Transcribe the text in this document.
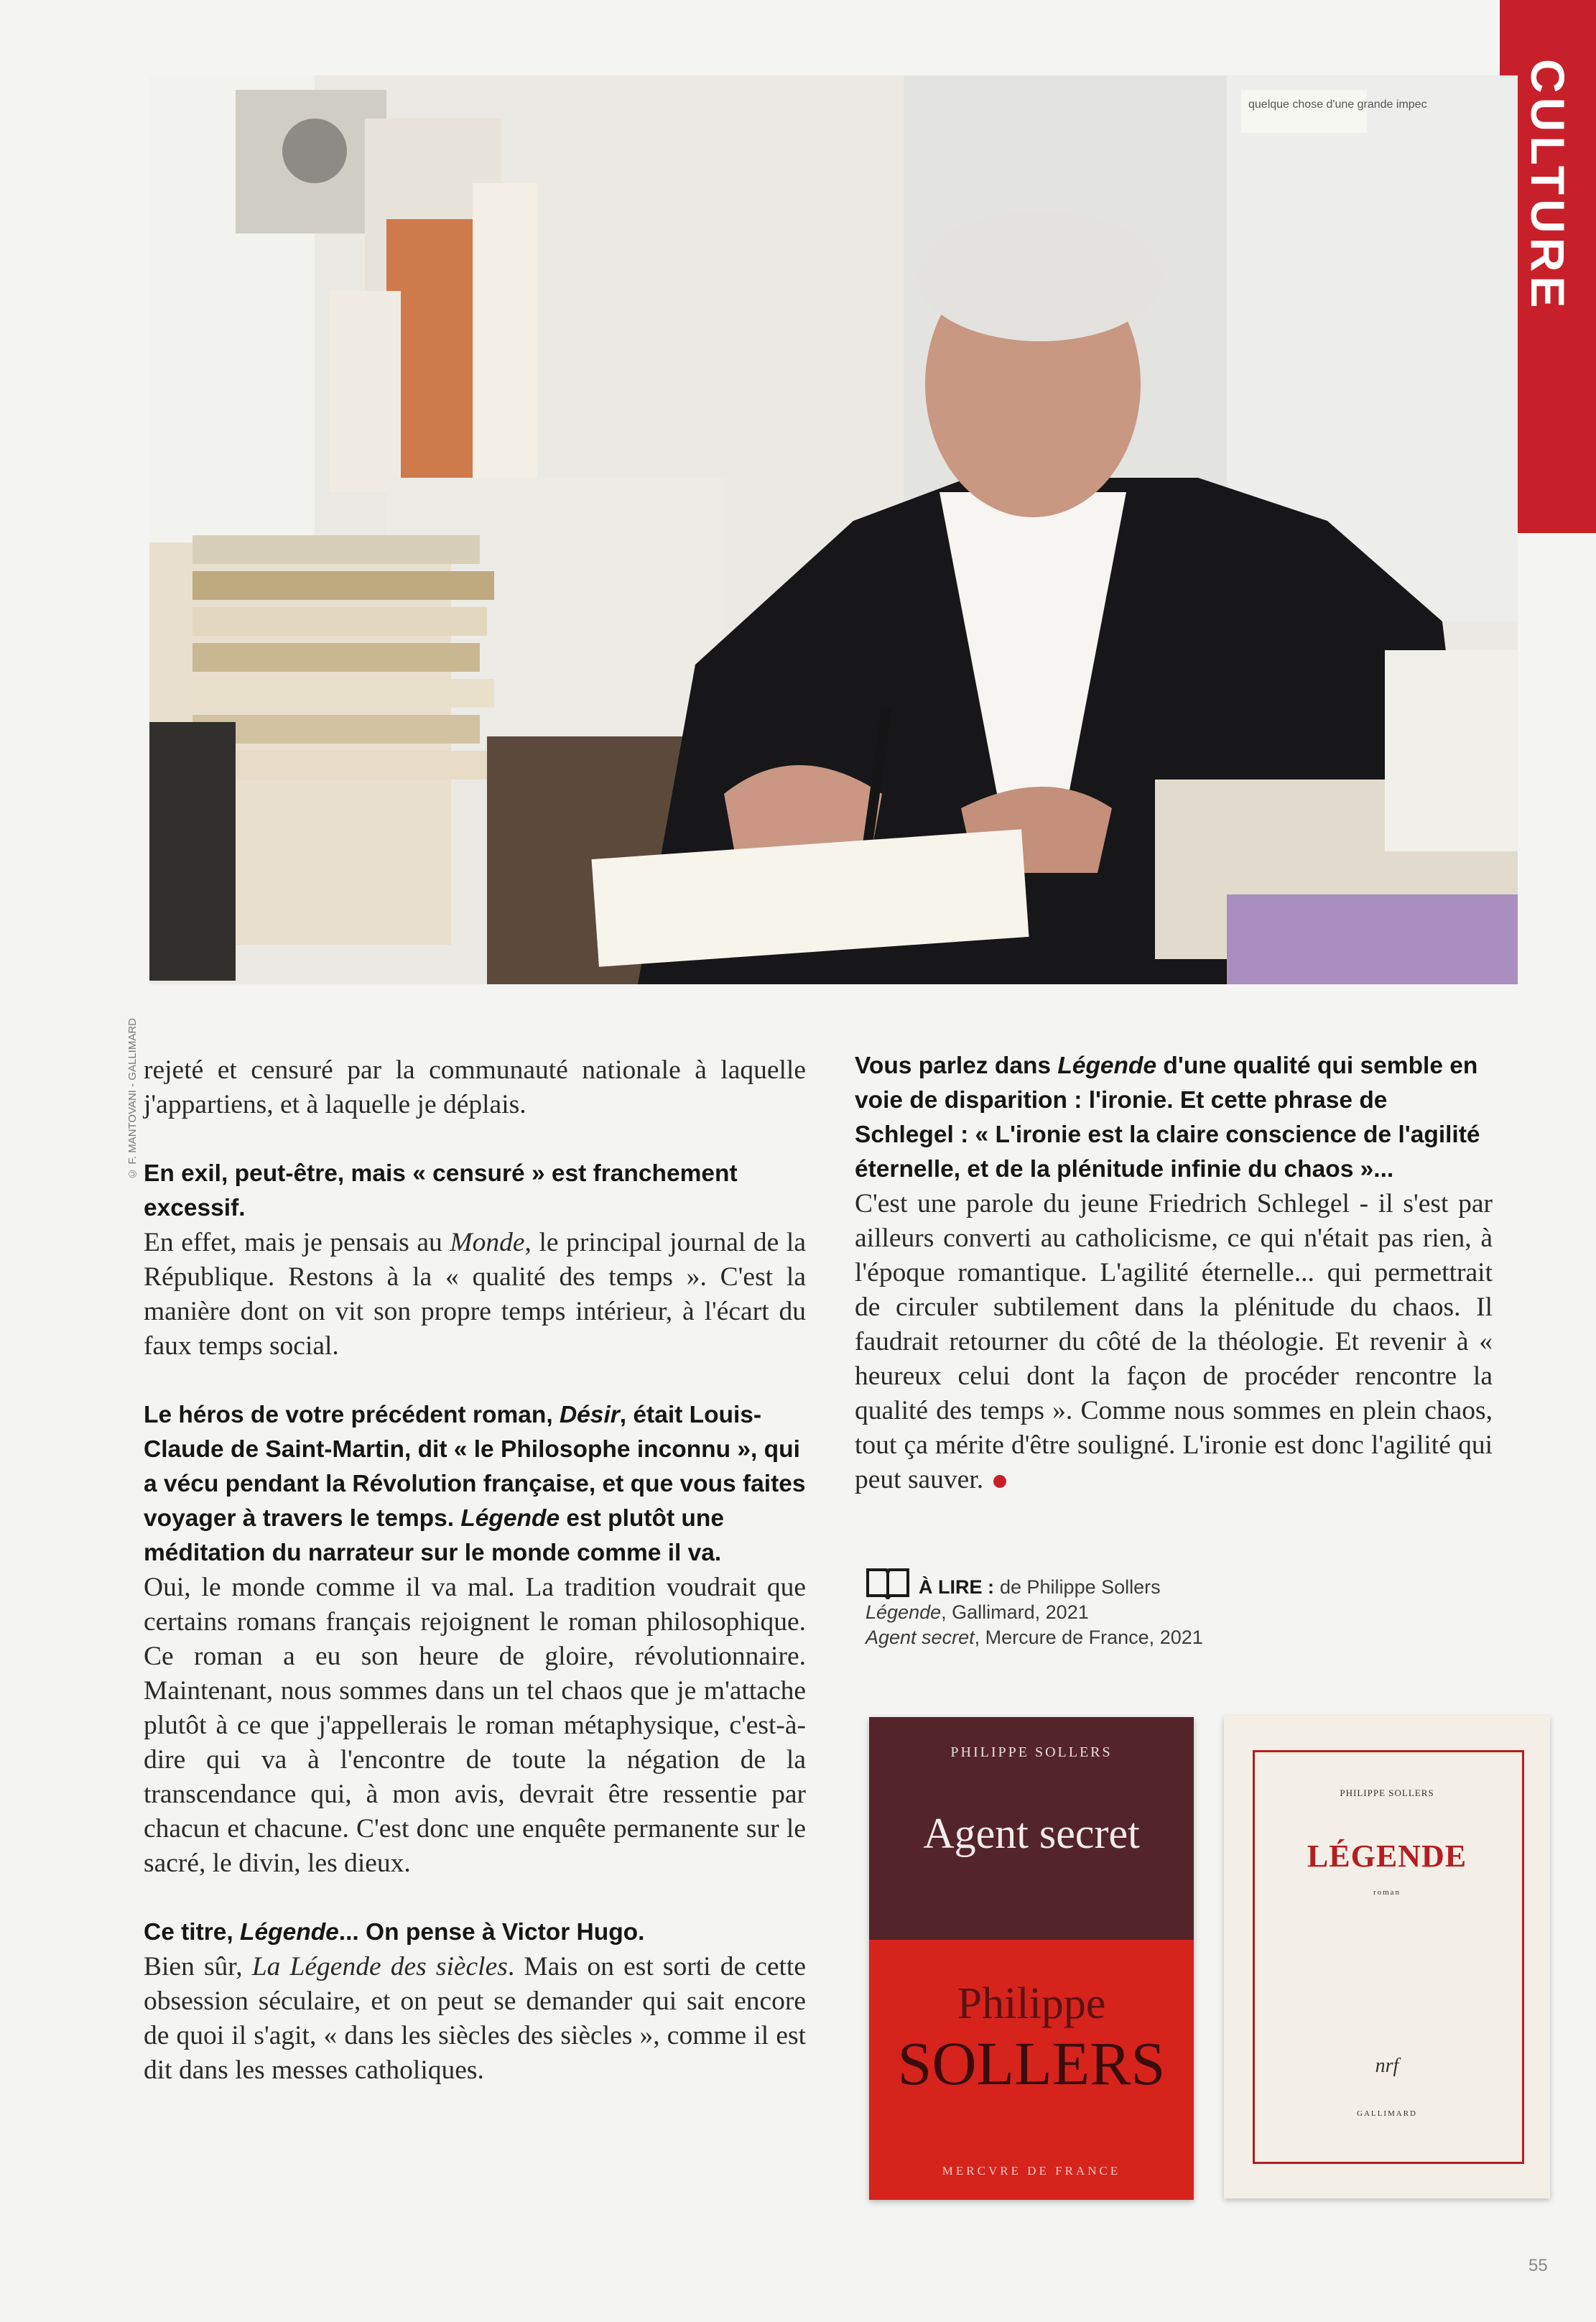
CULTURE
quelque chose d'une grande impec
© F. MANTOVANI - GALLIMARD rejeté et censuré par la communauté nationale à laquelle j'appartiens, et à laquelle je déplais.

En exil, peut-être, mais « censuré » est franchement excessif.

En effet, mais je pensais au Monde, le principal journal de la République. Restons à la « qualité des temps ». C'est la manière dont on vit son propre temps intérieur, à l'écart du faux temps social.

Le héros de votre précédent roman, Désir, était Louis-Claude de Saint-Martin, dit « le Philosophe inconnu », qui a vécu pendant la Révolution française, et que vous faites voyager à travers le temps. Légende est plutôt une méditation du narrateur sur le monde comme il va.

Oui, le monde comme il va mal. La tradition voudrait que certains romans français rejoignent le roman philosophique. Ce roman a eu son heure de gloire, révolutionnaire. Maintenant, nous sommes dans un tel chaos que je m'attache plutôt à ce que j'appellerais le roman métaphysique, c'est-à-dire qui va à l'encontre de toute la négation de la transcendance qui, à mon avis, devrait être ressentie par chacun et chacune. C'est donc une enquête permanente sur le sacré, le divin, les dieux.

Ce titre, Légende... On pense à Victor Hugo.

Bien sûr, La Légende des siècles. Mais on est sorti de cette obsession séculaire, et on peut se demander qui sait encore de quoi il s'agit, « dans les siècles des siècles », comme il est dit dans les messes catholiques.

Vous parlez dans Légende d'une qualité qui semble en voie de disparition : l'ironie. Et cette phrase de Schlegel : « L'ironie est la claire conscience de l'agilité éternelle, et de la plénitude infinie du chaos »...

C'est une parole du jeune Friedrich Schlegel - il s'est par ailleurs converti au catholicisme, ce qui n'était pas rien, à l'époque romantique. L'agilité éternelle... qui permettrait de circuler subtilement dans la plénitude du chaos. Il faudrait retourner du côté de la théologie. Et revenir à « heureux celui dont la façon de procéder rencontre la qualité des temps ». Comme nous sommes en plein chaos, tout ça mérite d'être souligné. L'ironie est donc l'agilité qui peut sauver.

À LIRE : de Philippe Sollers
Légende, Gallimard, 2021
Agent secret, Mercure de France, 2021
PHILIPPE SOLLERS
Agent secret
Philippe
SOLLERS
MERCVRE DE FRANCE
PHILIPPE SOLLERS
LÉGENDE
roman
nrf
GALLIMARD
55
